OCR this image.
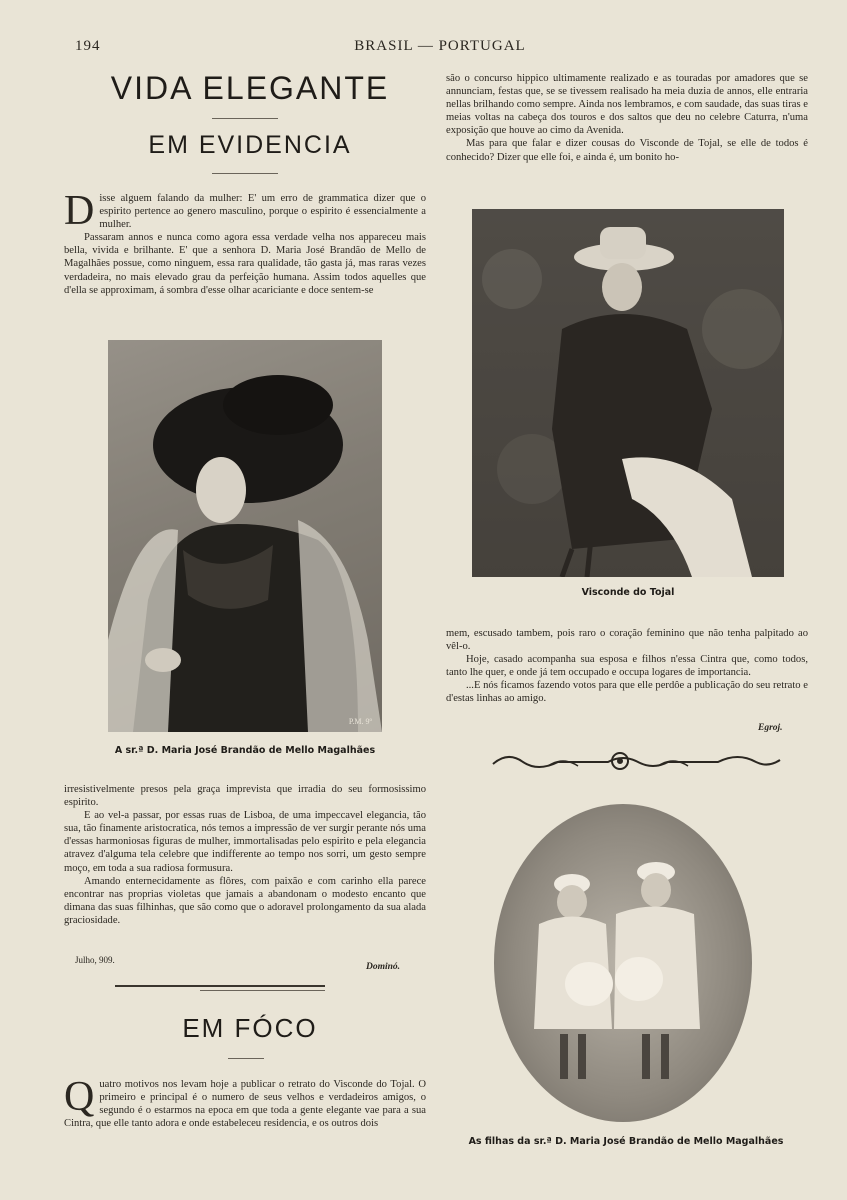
194	BRASIL — PORTUGAL
VIDA ELEGANTE
EM EVIDENCIA

Disse alguem falando da mulher: E' um erro de grammatica dizer que o espirito pertence ao genero masculino, porque o espirito é essencialmente a mulher.

Passaram annos e nunca como agora essa verdade velha nos appareceu mais bella, vivida e brilhante. E' que a senhora D. Maria José Brandão de Mello de Magalhães possue, como ninguem, essa rara qualidade, tão gasta já, mas raras vezes verdadeira, no mais elevado grau da perfeição humana. Assim todos aquelles que d'ella se approximam, á sombra d'esse olhar acariciante e doce sentem-se

P.M. 9º
A sr.ª D. Maria José Brandão de Mello Magalhães

irresistivelmente presos pela graça imprevista que irradia do seu formosissimo espirito.

E ao vel-a passar, por essas ruas de Lisboa, de uma impeccavel elegancia, tão sua, tão finamente aristocratica, nós temos a impressão de ver surgir perante nós uma d'essas harmoniosas figuras de mulher, immortalisadas pelo espirito e pela elegancia atravez d'alguma tela celebre que indifferente ao tempo nos sorri, um gesto sempre moço, em toda a sua radiosa formusura.

Amando enternecidamente as flôres, com paixão e com carinho ella parece encontrar nas proprias violetas que jamais a abandonam o modesto encanto que dimana das suas filhinhas, que são como que o adoravel prolongamento da sua alada graciosidade.

Julho, 909.
Dominó.
EM FÓCO

Quatro motivos nos levam hoje a publicar o retrato do Visconde do Tojal. O primeiro e principal é o numero de seus velhos e verdadeiros amigos, o segundo é o estarmos na epoca em que toda a gente elegante vae para a sua Cintra, que elle tanto adora e onde estabeleceu residencia, e os outros dois

são o concurso hippico ultimamente realizado e as touradas por amadores que se annunciam, festas que, se se tivessem realisado ha meia duzia de annos, elle entraria nellas brilhando como sempre. Ainda nos lembramos, e com saudade, das suas tiras e meias voltas na cabeça dos touros e dos saltos que deu no celebre Caturra, n'uma exposição que houve ao cimo da Avenida.

Mas para que falar e dizer cousas do Visconde de Tojal, se elle de todos é conhecido? Dizer que elle foi, e ainda é, um bonito ho-

Visconde do Tojal

mem, escusado tambem, pois raro o coração feminino que não tenha palpitado ao vêl-o.

Hoje, casado acompanha sua esposa e filhos n'essa Cintra que, como todos, tanto lhe quer, e onde já tem occupado e occupa logares de importancia.

...E nós ficamos fazendo votos para que elle perdôe a publicação do seu retrato e d'estas linhas ao amigo.

Egroj.
As filhas da sr.ª D. Maria José Brandão de Mello Magalhães
